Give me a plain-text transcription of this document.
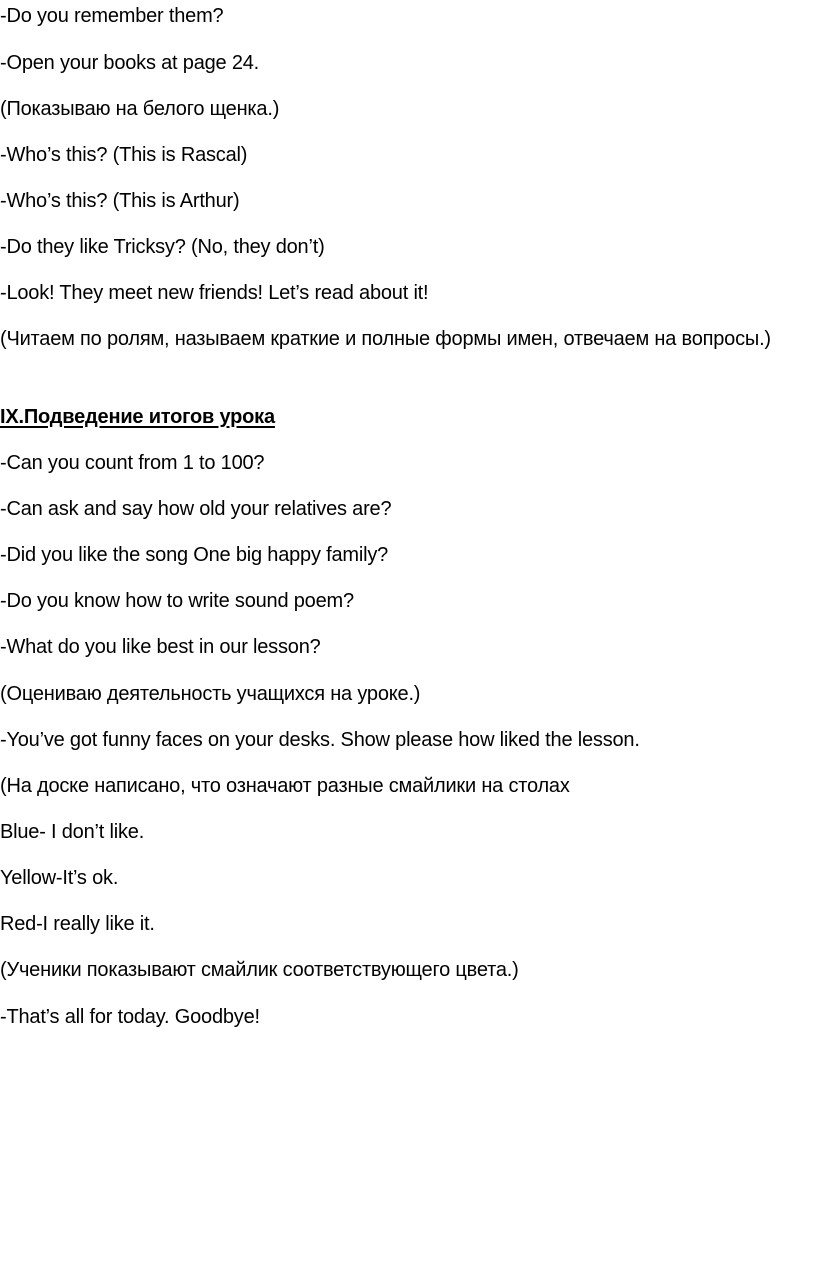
-Do you remember them?
-Open your books at page 24.
(Показываю на белого щенка.)
-Who’s this? (This is Rascal)
-Who’s this? (This is Arthur)
-Do they like Tricksy? (No, they don’t)
-Look! They meet new friends! Let’s read about it!
(Читаем по ролям, называем краткие и полные формы имен, отвечаем на вопросы.)
IX.Подведение итогов урока
-Can you count from 1 to 100?
-Can ask and say how old your relatives are?
-Did you like the song One big happy family?
-Do you know how to write sound poem?
-What do you like best in our lesson?
(Оцениваю деятельность учащихся на уроке.)
-You’ve got funny faces on your desks. Show please how liked the lesson.
(На доске написано, что означают разные смайлики на столах
Blue- I don’t like.
Yellow-It’s ok.
Red-I really like it.
(Ученики показывают смайлик соответствующего цвета.)
-That’s all for today. Goodbye!
